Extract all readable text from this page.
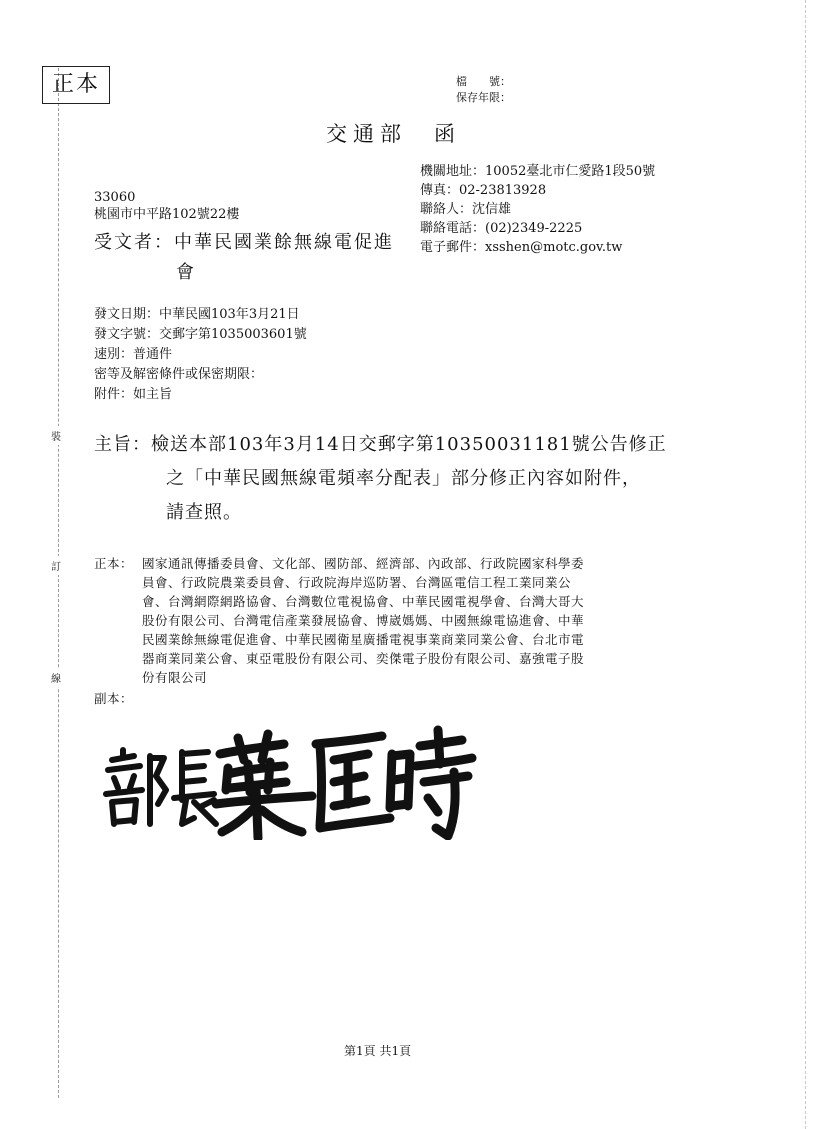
裝
訂
線
正本	檔　　號：
保存年限：
交通部　函
機關地址：10052臺北市仁愛路1段50號
傳真：02-23813928
聯絡人：沈信雄
聯絡電話：(02)2349-2225
電子郵件：xsshen@motc.gov.tw
33060
桃園市中平路102號22樓
受文者：中華民國業餘無線電促進
會
發文日期：中華民國103年3月21日
發文字號：交郵字第1035003601號
速別：普通件
密等及解密條件或保密期限：
附件：如主旨
主旨：檢送本部103年3月14日交郵字第10350031181號公告修正
之「中華民國無線電頻率分配表」部分修正內容如附件，
請查照。
正本： 國家通訊傳播委員會、文化部、國防部、經濟部、內政部、行政院國家科學委
員會、行政院農業委員會、行政院海岸巡防署、台灣區電信工程工業同業公
會、台灣網際網路協會、台灣數位電視協會、中華民國電視學會、台灣大哥大
股份有限公司、台灣電信產業發展協會、博崴媽媽、中國無線電協進會、中華
民國業餘無線電促進會、中華民國衛星廣播電視事業商業同業公會、台北市電
器商業同業公會、東亞電股份有限公司、奕傑電子股份有限公司、嘉強電子股
份有限公司
副本：
第1頁 共1頁
